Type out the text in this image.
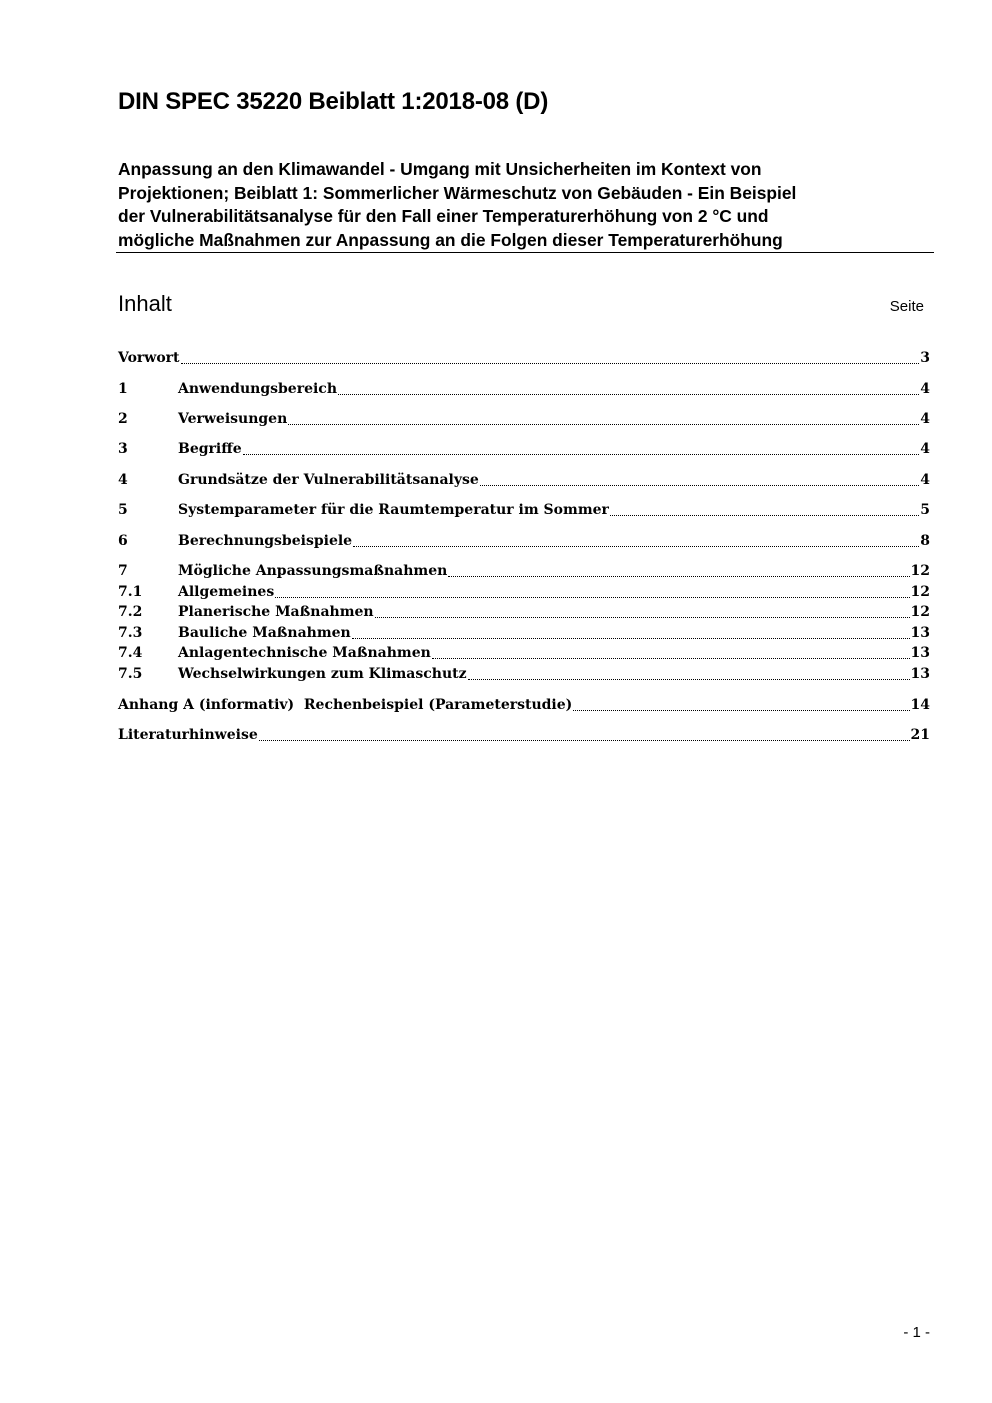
DIN SPEC 35220 Beiblatt 1:2018-08 (D)
Anpassung an den Klimawandel - Umgang mit Unsicherheiten im Kontext von
Projektionen; Beiblatt 1: Sommerlicher Wärmeschutz von Gebäuden - Ein Beispiel
der Vulnerabilitätsanalyse für den Fall einer Temperaturerhöhung von 2 °C und
mögliche Maßnahmen zur Anpassung an die Folgen dieser Temperaturerhöhung
Inhalt	Seite
Vorwort	3
1	Anwendungsbereich	4
2	Verweisungen	4
3	Begriffe	4
4	Grundsätze der Vulnerabilitätsanalyse	4
5	Systemparameter für die Raumtemperatur im Sommer	5
6	Berechnungsbeispiele	8
7	Mögliche Anpassungsmaßnahmen	12
7.1	Allgemeines	12
7.2	Planerische Maßnahmen	12
7.3	Bauliche Maßnahmen	13
7.4	Anlagentechnische Maßnahmen	13
7.5	Wechselwirkungen zum Klimaschutz	13
Anhang A (informativ)  Rechenbeispiel (Parameterstudie)	14
Literaturhinweise	21
- 1 -
